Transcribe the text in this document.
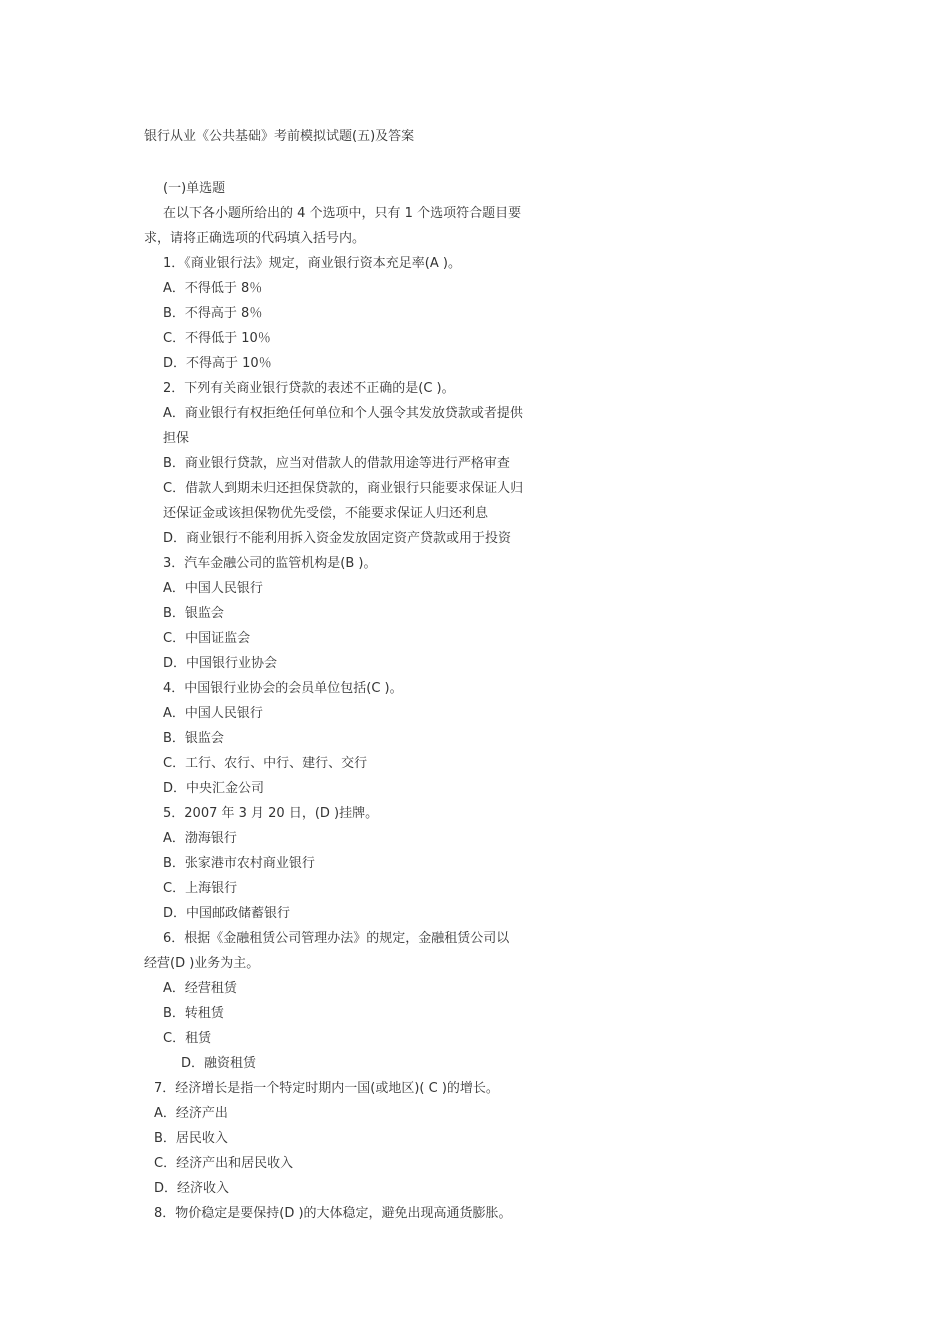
银行从业《公共基础》考前模拟试题(五)及答案
(一)单选题
在以下各小题所给出的 4 个选项中，只有 1 个选项符合题目要
求，请将正确选项的代码填入括号内。
1．《商业银行法》规定，商业银行资本充足率(A )。
A．不得低于 8％
B．不得高于 8％
C．不得低于 10％
D．不得高于 10％
2．下列有关商业银行贷款的表述不正确的是(C )。
A．商业银行有权拒绝任何单位和个人强令其发放贷款或者提供
担保
B．商业银行贷款，应当对借款人的借款用途等进行严格审查
C．借款人到期未归还担保贷款的，商业银行只能要求保证人归
还保证金或该担保物优先受偿，不能要求保证人归还利息
D．商业银行不能利用拆入资金发放固定资产贷款或用于投资
3．汽车金融公司的监管机构是(B )。
A．中国人民银行
B．银监会
C．中国证监会
D．中国银行业协会
4．中国银行业协会的会员单位包括(C )。
A．中国人民银行
B．银监会
C．工行、农行、中行、建行、交行
D．中央汇金公司
5．2007 年 3 月 20 日，(D )挂牌。
A．渤海银行
B．张家港市农村商业银行
C．上海银行
D．中国邮政储蓄银行
6．根据《金融租赁公司管理办法》的规定，金融租赁公司以
经营(D )业务为主。
A．经营租赁
B．转租赁
C．租赁
D．融资租赁
7．经济增长是指一个特定时期内一国(或地区)( C )的增长。
A．经济产出
B．居民收入
C．经济产出和居民收入
D．经济收入
8．物价稳定是要保持(D )的大体稳定，避免出现高通货膨胀。
